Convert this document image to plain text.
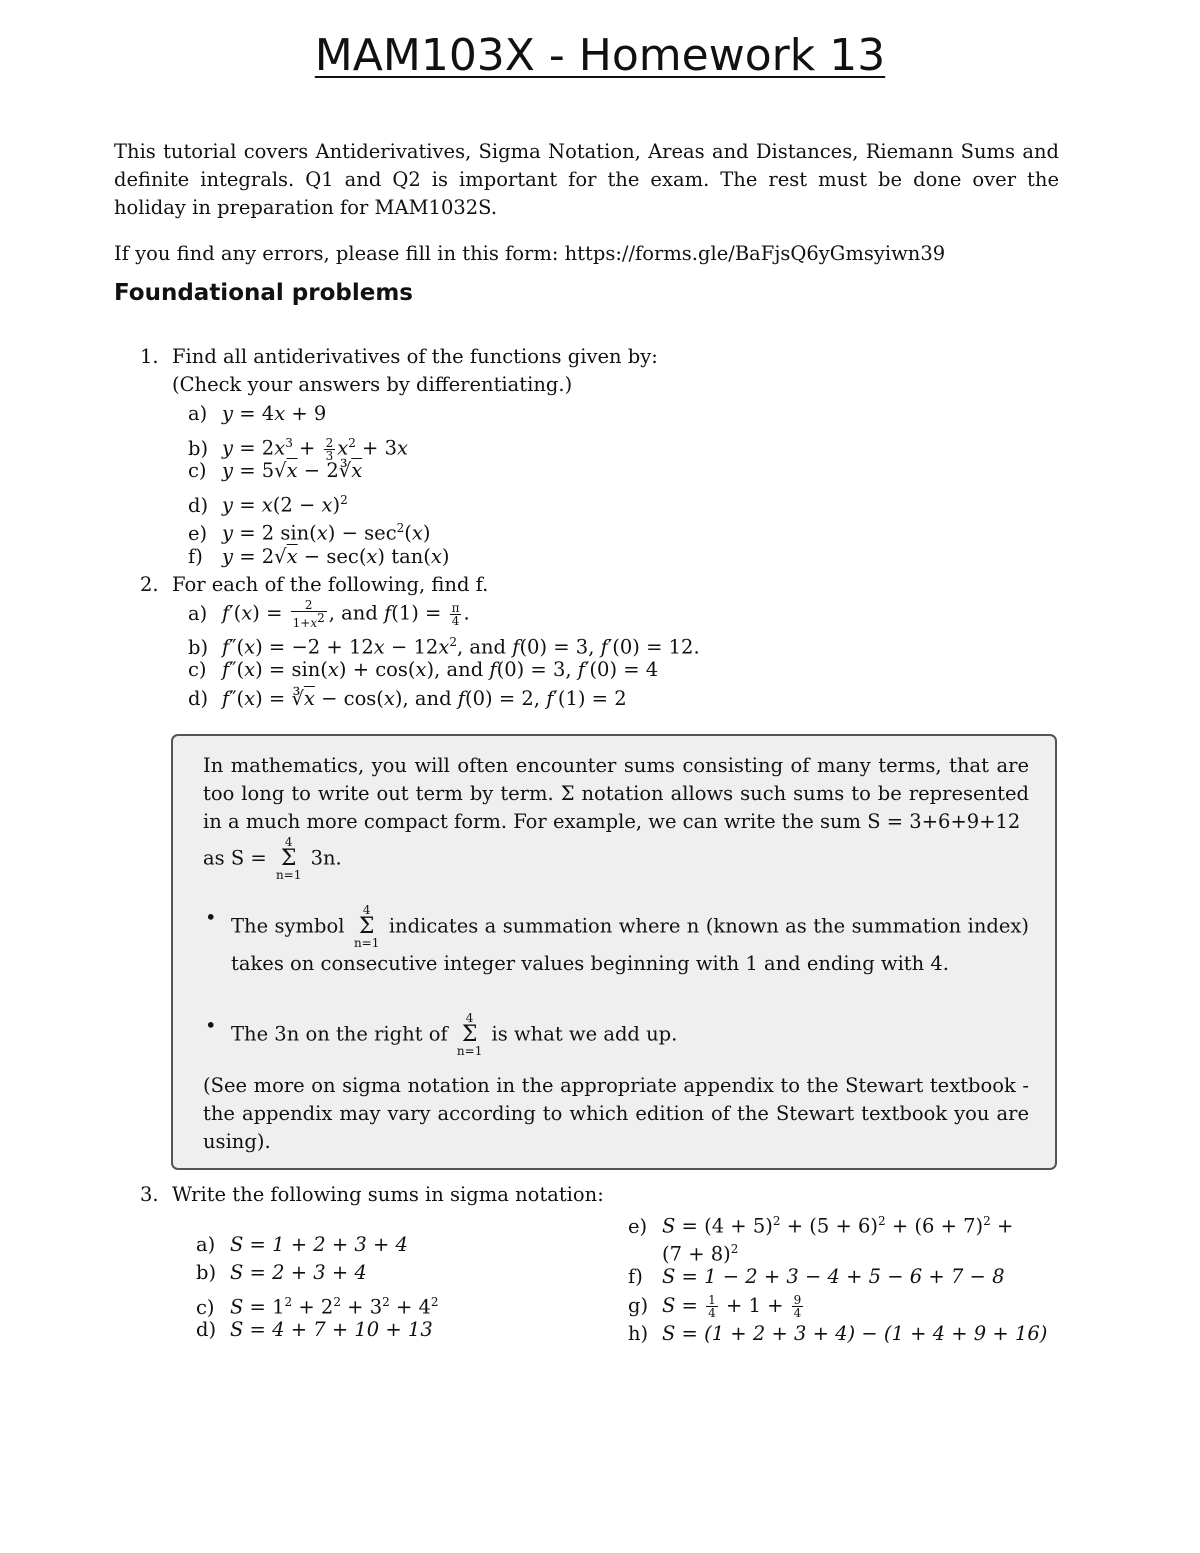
MAM103X - Homework 13
This tutorial covers Antiderivatives, Sigma Notation, Areas and Distances, Riemann Sums and definite integrals. Q1 and Q2 is important for the exam. The rest must be done over the holiday in preparation for MAM1032S.
If you find any errors, please fill in this form: https://forms.gle/BaFjsQ6yGmsyiwn39
Foundational problems
1. Find all antiderivatives of the functions given by:
(Check your answers by differentiating.)
a) y = 4x + 9
b) $y = 2x^3 + \frac{2}{3} x^2 + 3x$
c) $y = 5√x - 2∛\overline{x}$
d) $y = x(2 - x)^2$
e) y = 2 $\sin(x) - \sec^2(x)$
f) y = 2√x − sec(x) tan(x)
2. For each of the following, find f.
a) $f'(x) = \frac{2}{1+x^2}$ , and $f(1) = \frac{\pi}{4}$ .
b) $f''(x) = -2 + 12x - 12x^2$, and f(0) = 3, f′(0) = 12.
c) f″(x) = sin(x) + cos(x), and f(0) = 3, f′(0) = 4
d) $f''(x) = ∛\overline{x} - \cos(x)$, and f(0) = 2, f′(1) = 2
In mathematics, you will often encounter sums consisting of many terms, that are too long to write out term by term. Σ notation allows such sums to be represented in a much more compact form. For example, we can write the sum S = 3+6+9+12
as S = 4
Σ
n=1 3n.
• The symbol 4
Σ
n=1 indicates a summation where n (known as the summation index) takes on consecutive integer values beginning with 1 and ending with 4.
• The 3n on the right of 4
Σ
n=1 is what we add up.
(See more on sigma notation in the appropriate appendix to the Stewart textbook - the appendix may vary according to which edition of the Stewart textbook you are using).
3. Write the following sums in sigma notation:
a) S = 1 + 2 + 3 + 4
b) S = 2 + 3 + 4
c) $S = 1^2 + 2^2 + 3^2 + 4^2$
d) S = 4 + 7 + 10 + 13
e) $S = (4 + 5)^2 + (5 + 6)^2 + (6 + 7)^2$ +
$(7 + 8)^2$
f) S = 1 − 2 + 3 − 4 + 5 − 6 + 7 − 8
g) $S = \frac{1}{4} + 1 + \frac{9}{4}$
h) S = (1 + 2 + 3 + 4) − (1 + 4 + 9 + 16)
